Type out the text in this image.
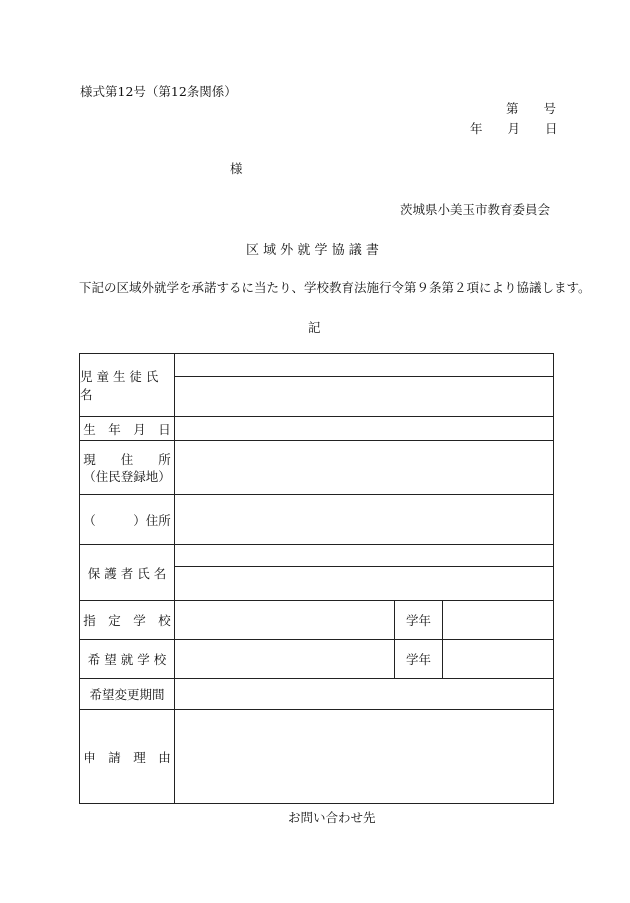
様式第12号（第12条関係）
第　　号
年　　月　　日
様
茨城県小美玉市教育委員会
区 域 外 就 学 協 議 書
下記の区域外就学を承諾するに当たり、学校教育法施行令第９条第２項により協議します。
記
児 童 生 徒 氏 名
生　年　月　日
現　　住　　所
（住民登録地）
（　　　）住所
保 護 者 氏 名
指　定　学　校	学年
希 望 就 学 校	学年
希望変更期間
申　請　理　由
お問い合わせ先
